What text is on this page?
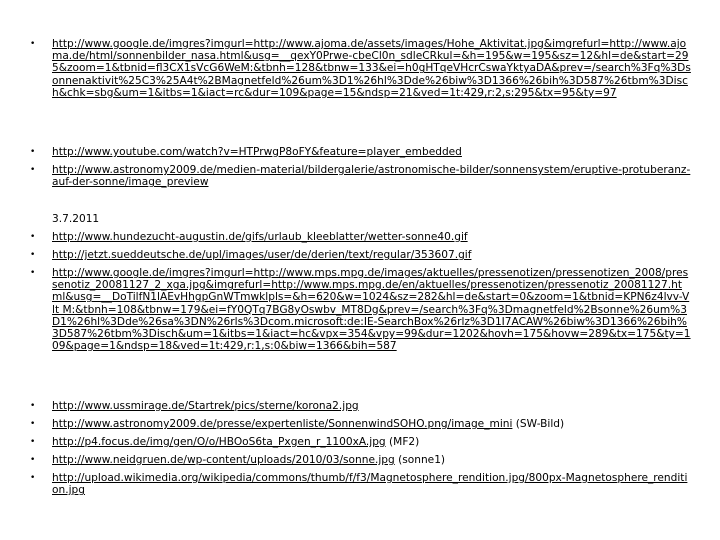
• http://www.google.de/imgres?imgurl=http://www.ajoma.de/assets/images/Hohe_Aktivitat.jpg&imgrefurl=http://www.ajoma.de/html/sonnenbilder_nasa.html&usg=__qexY0Prwe-cbeCl0n_sdleCRkul=&h=195&w=195&sz=12&hl=de&start=295&zoom=1&tbnid=fl3CX1sVcG6WeM:&tbnh=128&tbnw=133&ei=h0gHTqeVHcrCswaYktyaDA&prev=/search%3Fq%3Dsonnenaktivit%25C3%25A4t%2BMagnetfeld%26um%3D1%26hl%3Dde%26biw%3D1366%26bih%3D587%26tbm%3Disch&chk=sbg&um=1&itbs=1&iact=rc&dur=109&page=15&ndsp=21&ved=1t:429,r:2,s:295&tx=95&ty=97
• http://www.youtube.com/watch?v=HTPrwgP8oFY&feature=player_embedded
• http://www.astronomy2009.de/medien-material/bildergalerie/astronomische-bilder/sonnensystem/eruptive-protuberanz-auf-der-sonne/image_preview
3.7.2011
• http://www.hundezucht-augustin.de/gifs/urlaub_kleeblatter/wetter-sonne40.gif
• http://jetzt.sueddeutsche.de/upl/images/user/de/derien/text/regular/353607.gif
• http://www.google.de/imgres?imgurl=http://www.mps.mpg.de/images/aktuelles/pressenotizen/pressenotizen_2008/pressenotiz_20081127_2_xga.jpg&imgrefurl=http://www.mps.mpg.de/en/aktuelles/pressenotizen/pressenotiz_20081127.html&usg=__DoTilfN1lAEvHhgpGnWTmwklpls=&h=620&w=1024&sz=282&hl=de&start=0&zoom=1&tbnid=KPN6z4lvv-Vlt M:&tbnh=108&tbnw=179&ei=fY0QTq7BG8yOswbv_MT8Dg&prev=/search%3Fq%3Dmagnetfeld%2Bsonne%26um%3D1%26hl%3Dde%26sa%3DN%26rls%3Dcom.microsoft:de:IE-SearchBox%26rlz%3D1I7ACAW%26biw%3D1366%26bih%3D587%26tbm%3Disch&um=1&itbs=1&iact=hc&vpx=354&vpy=99&dur=1202&hovh=175&hovw=289&tx=175&ty=109&page=1&ndsp=18&ved=1t:429,r:1,s:0&biw=1366&bih=587
• http://www.ussmirage.de/Startrek/pics/sterne/korona2.jpg
• http://www.astronomy2009.de/presse/expertenliste/SonnenwindSOHO.png/image_mini (SW-Bild)
• http://p4.focus.de/img/gen/O/o/HBOoS6ta_Pxgen_r_1100xA.jpg (MF2)
• http://www.neidgruen.de/wp-content/uploads/2010/03/sonne.jpg (sonne1)
• http://upload.wikimedia.org/wikipedia/commons/thumb/f/f3/Magnetosphere_rendition.jpg/800px-Magnetosphere_rendition.jpg
